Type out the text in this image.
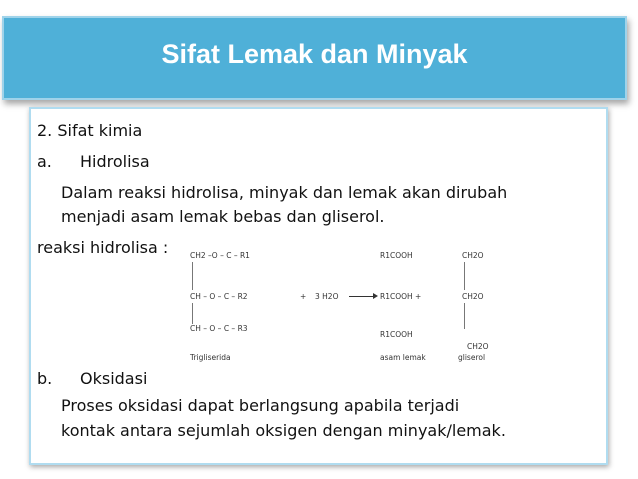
Sifat Lemak dan Minyak
2. Sifat kimia
a. Hidrolisa
Dalam reaksi hidrolisa, minyak dan lemak akan dirubah
menjadi asam lemak bebas dan gliserol.
reaksi hidrolisa :	CH2 –O – C – R1
CH – O – C – R2
CH – O – C – R3
+ 3 H2O →
R1COOH
R1COOH +
R1COOH
CH2O
CH2O
CH2O
Trigliserida	asam lemak	gliserol
b. Oksidasi
Proses oksidasi dapat berlangsung apabila terjadi
kontak antara sejumlah oksigen dengan minyak/lemak.
